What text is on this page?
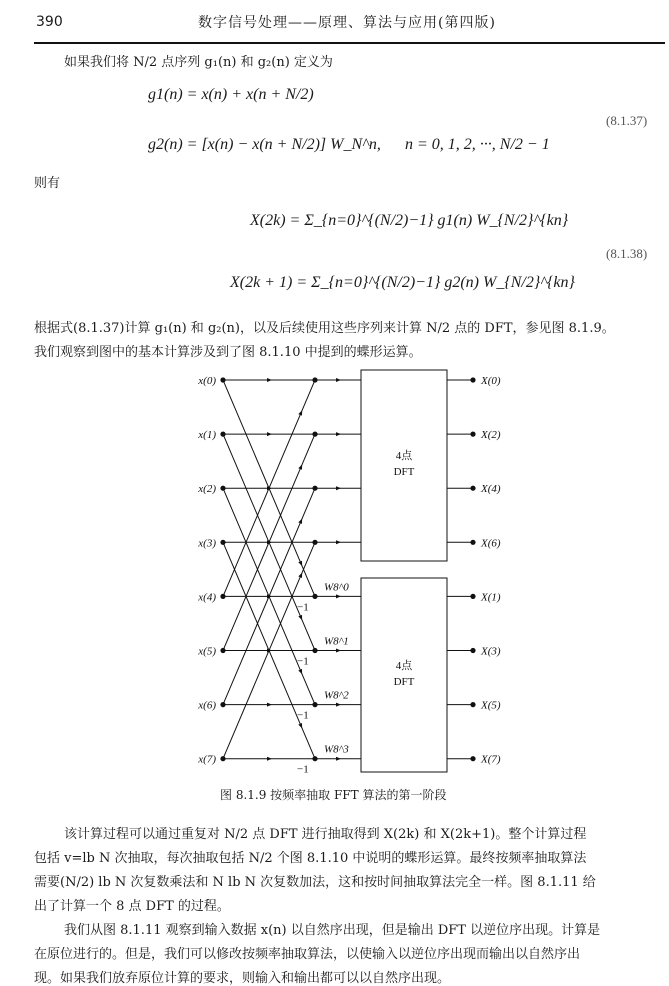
390	数字信号处理——原理、算法与应用(第四版)
如果我们将 N/2 点序列 g₁(n) 和 g₂(n) 定义为
g1(n) = x(n) + x(n + N/2)
g2(n) = [x(n) − x(n + N/2)] W_N^n, n = 0, 1, 2, ···, N/2 − 1
(8.1.37)
则有
X(2k) = Σ_{n=0}^{(N/2)−1} g1(n) W_{N/2}^{kn}
(8.1.38)
X(2k + 1) = Σ_{n=0}^{(N/2)−1} g2(n) W_{N/2}^{kn}
根据式(8.1.37)计算 g₁(n) 和 g₂(n)，以及后续使用这些序列来计算 N/2 点的 DFT，参见图 8.1.9。
我们观察到图中的基本计算涉及到了图 8.1.10 中提到的蝶形运算。
x(0)	X(0)
x(1)	X(2)
x(2)	X(4)
x(3)	X(6)
x(4)	X(1)
x(5)	X(3)
x(6)	X(5)
x(7)	X(7)
−1
W8^0
−1
W8^1
−1
W8^2
−1
W8^3
4点
DFT
4点
DFT
图 8.1.9 按频率抽取 FFT 算法的第一阶段
该计算过程可以通过重复对 N/2 点 DFT 进行抽取得到 X(2k) 和 X(2k+1)。整个计算过程
包括 v=lb N 次抽取，每次抽取包括 N/2 个图 8.1.10 中说明的蝶形运算。最终按频率抽取算法
需要(N/2) lb N 次复数乘法和 N lb N 次复数加法，这和按时间抽取算法完全一样。图 8.1.11 给
出了计算一个 8 点 DFT 的过程。
我们从图 8.1.11 观察到输入数据 x(n) 以自然序出现，但是输出 DFT 以逆位序出现。计算是
在原位进行的。但是，我们可以修改按频率抽取算法，以使输入以逆位序出现而输出以自然序出
现。如果我们放弃原位计算的要求，则输入和输出都可以以自然序出现。
